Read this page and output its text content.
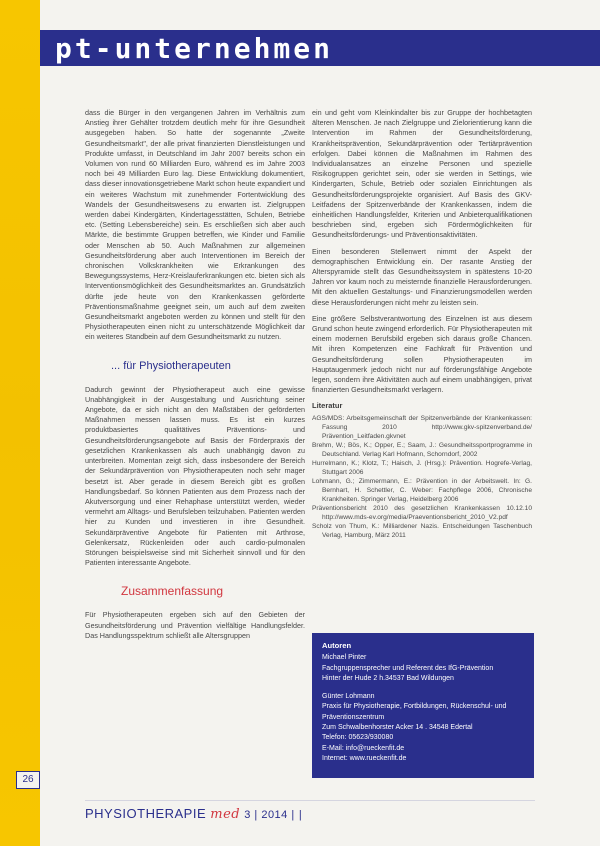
pt-unternehmen

dass die Bürger in den vergangenen Jahren im Verhältnis zum Anstieg ihrer Gehälter trotzdem deutlich mehr für ihre Gesundheit ausgegeben haben. So hatte der sogenannte „Zweite Gesundheitsmarkt", der alle privat finanzierten Dienstleistungen und Produkte umfasst, in Deutschland im Jahr 2007 bereits schon ein Volumen von rund 60 Milliarden Euro, während es im Jahre 2003 noch bei 49 Milliarden Euro lag. Diese Entwicklung dokumentiert, dass dieser innovationsgetriebene Markt schon heute expandiert und ein weiteres Wachstum mit zunehmender Fortentwicklung des Wandels der Gesundheitswesens zu erwarten ist. Zielgruppen werden dabei Kindergärten, Kindertagesstätten, Schulen, Betriebe etc. (Setting Lebensbereiche) sein. Es erschließen sich aber auch Märkte, die bestimmte Gruppen betreffen, wie Kinder und Familie oder Menschen ab 50. Auch Maßnahmen zur allgemeinen Gesundheitsförderung aber auch Interventionen im Bereich der chronischen Volkskrankheiten wie Erkrankungen des Bewegungssystems, Herz-Kreislauferkrankungen etc. bieten sich als Interventionsmöglichkeit des Gesundheitsmarktes an. Grundsätzlich dürfte jede heute von den Krankenkassen geförderte Präventionsmaßnahme geeignet sein, um auch auf dem zweiten Gesundheitsmarkt angeboten werden zu können und stellt für den Physiotherapeuten einen nicht zu unterschätzende Möglichkeit dar ein weiteres Standbein auf dem Gesundheitsmarkt zu nutzen.

... für Physiotherapeuten

Dadurch gewinnt der Physiotherapeut auch eine gewisse Unabhängigkeit in der Ausgestaltung und Ausrichtung seiner Angebote, da er sich nicht an den Maßstäben der geförderten Maßnahmen messen lassen muss. Es ist ein kurzes produktbasiertes qualitätives Präventions- und Gesundheitsförderungsangebote auf Basis der Förderpraxis der gesetzlichen Krankenkassen als auch unabhängig davon zu unterbreiten. Momentan zeigt sich, dass insbesondere der Bereich der Sekundärprävention von Physiotherapeuten noch sehr mager besetzt ist. Aber gerade in diesem Bereich gibt es großen Handlungsbedarf. So können Patienten aus dem Prozess nach der Akutversorgung und einer Rehaphase unterstützt werden, wieder vermehrt am Alltags- und Berufsleben teilzuhaben. Patienten werden hier zu Kunden und investieren in ihre Gesundheit. Sekundärpräventive Angebote für Patienten mit Arthrose, Gelenkersatz, Rückenleiden oder auch cardio-pulmonalen Störungen beispielsweise sind mit Sicherheit sinnvoll und für den Patienten interessante Angebote.

Zusammenfassung

Für Physiotherapeuten ergeben sich auf den Gebieten der Gesundheitsförderung und Prävention vielfältige Handlungsfelder. Das Handlungsspektrum schließt alle Altersgruppen

ein und geht vom Kleinkindalter bis zur Gruppe der hochbetagten älteren Menschen. Je nach Zielgruppe und Zielorientierung kann die Intervention im Rahmen der Gesundheitsförderung, Krankheitsprävention, Sekundärprävention oder Tertiärprävention erfolgen. Dabei können die Maßnahmen im Rahmen des Individualansatzes an einzelne Personen und spezielle Risikogruppen gerichtet sein, oder sie werden in Settings, wie Kindergarten, Schule, Betrieb oder sozialen Einrichtungen als Gesundheitsförderungsprojekte organisiert. Auf Basis des GKV-Leitfadens der Spitzenverbände der Krankenkassen, indem die einheitlichen Handlungsfelder, Kriterien und Anbieterqualifikationen beschrieben sind, ergeben sich Fördermöglichkeiten für Gesundheitsförderungs- und Präventionsaktivitäten.

Einen besonderen Stellenwert nimmt der Aspekt der demographischen Entwicklung ein. Der rasante Anstieg der Alterspyramide stellt das Gesundheitssystem in spätestens 10-20 Jahren vor kaum noch zu meisternde finanzielle Herausforderungen. Mit den aktuellen Gestaltungs- und Finanzierungsmodellen werden diese Herausforderungen nicht mehr zu leisten sein.

Eine größere Selbstverantwortung des Einzelnen ist aus diesem Grund schon heute zwingend erforderlich. Für Physiotherapeuten mit einem modernen Berufsbild ergeben sich daraus große Chancen. Mit ihren Kompetenzen eine Fachkraft für Prävention und Gesundheitsförderung sollen Physiotherapeuten im Hauptaugenmerk jedoch nicht nur auf förderungsfähige Angebote legen, sondern ihre Aktivitäten auch auf einem unabhängigen, privat finanzierten Gesundheitsmarkt verlagern.

Literatur

AGS/MDS: Arbeitsgemeinschaft der Spitzenverbände der Krankenkassen: Fassung 2010 http://www.gkv-spitzenverband.de/ Prävention_Leitfaden.gkvnet

Brehm, W.; Bös, K.; Opper, E.; Saam, J.: Gesundheitssportprogramme in Deutschland. Verlag Karl Hofmann, Schorndorf, 2002

Hurrelmann, K.; Klotz, T.; Haisch, J. (Hrsg.): Prävention. Hogrefe-Verlag, Stuttgart 2006

Lohmann, G.; Zimmermann, E.: Prävention in der Arbeitswelt. In: G. Bernhart, H. Schettler, C. Weber: Fachpflege 2006, Chronische Krankheiten. Springer Verlag, Heidelberg 2006

Präventionsbericht 2010 des gesetzlichen Krankenkassen 10.12.10 http://www.mds-ev.org/media/Praeventionsbericht_2010_V2.pdf

Scholz von Thum, K.: Milliardener Nazis. Entscheidungen Taschenbuch Verlag, Hamburg, März 2011

Autoren
Michael Pinter
Fachgruppensprecher und Referent des IfG-Prävention
Hinter der Hude 2 h.34537 Bad Wildungen
Günter Lohmann
Praxis für Physiotherapie, Fortbildungen, Rückenschul- und Präventionszentrum
Zum Schwalbenhorster Acker 14 . 34548 Edertal
Telefon: 05623/930080
E-Mail: info@rueckenfit.de
Internet: www.rueckenfit.de
26
PHYSIOTHERAPIE med 3 | 2014 | |
